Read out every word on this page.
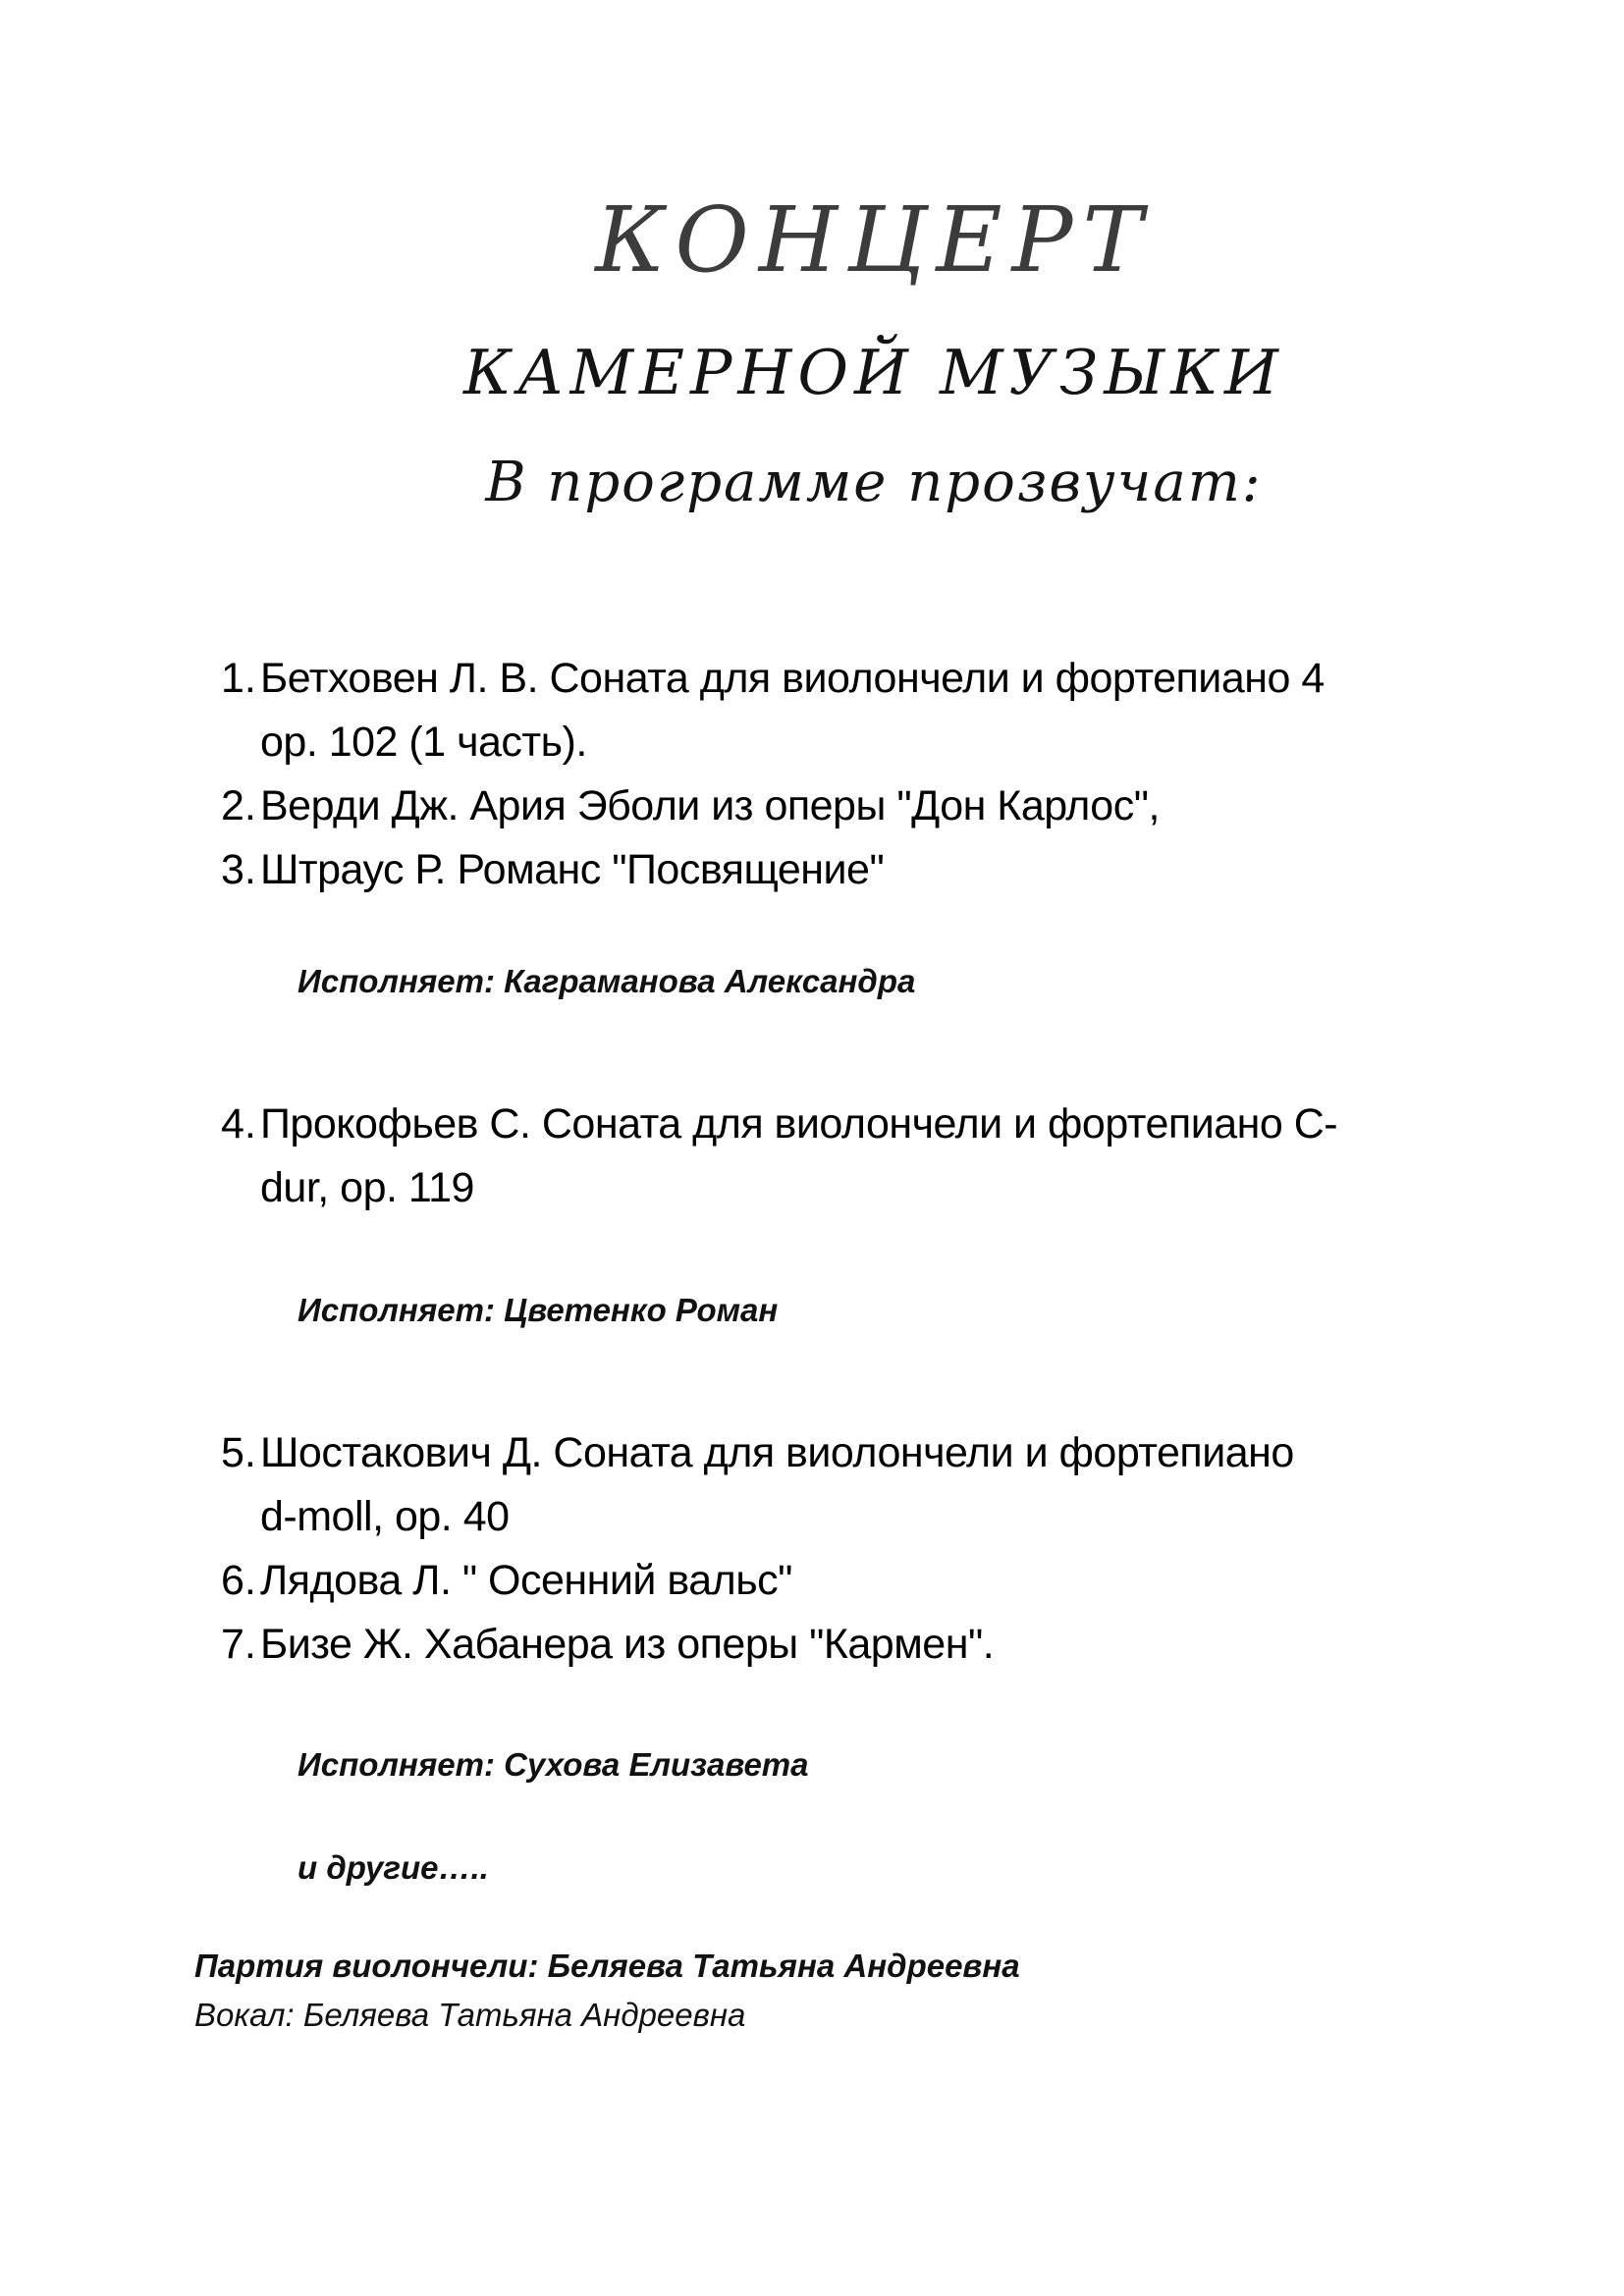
КОНЦЕРТ
КАМЕРНОЙ МУЗЫКИ
В программе прозвучат:
1. Бетховен Л. В. Соната для виолончели и фортепиано 4
ор. 102 (1 часть).
2. Верди Дж. Ария Эболи из оперы "Дон Карлос",
3. Штраус Р. Романс "Посвящение"
Исполняет: Каграманова Александра
4. Прокофьев С. Соната для виолончели и фортепиано C-
dur, op. 119
Исполняет: Цветенко Роман
5. Шостакович Д. Соната для виолончели и фортепиано
d-moll, op. 40
6. Лядова Л. " Осенний вальс"
7. Бизе Ж. Хабанера из оперы "Кармен".
Исполняет: Сухова Елизавета
и другие…..
Партия виолончели: Беляева Татьяна Андреевна
Вокал: Беляева Татьяна Андреевна
